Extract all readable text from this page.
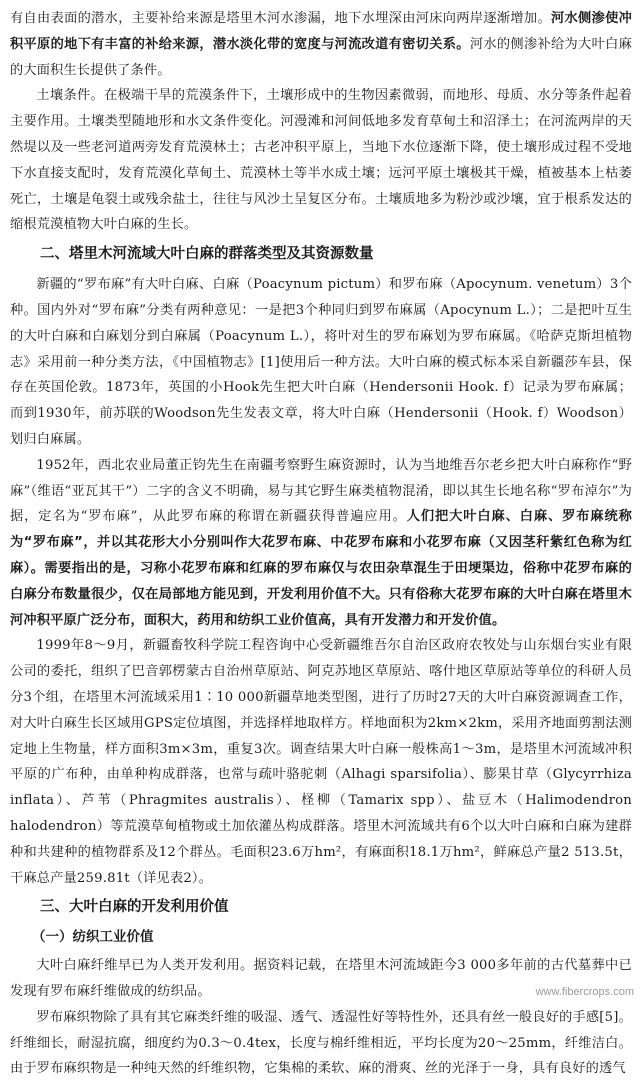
有自由表面的潜水，主要补给来源是塔里木河水渗漏，地下水埋深由河床向两岸逐渐增加。河水侧渗使冲积平原的地下有丰富的补给来源，潜水淡化带的宽度与河流改道有密切关系。河水的侧渗补给为大叶白麻的大面积生长提供了条件。

土壤条件。在极端干旱的荒漠条件下，土壤形成中的生物因素微弱，而地形、母质、水分等条件起着主要作用。土壤类型随地形和水文条件变化。河漫滩和河间低地多发育草甸土和沼泽土；在河流两岸的天然堤以及一些老河道两旁发育荒漠林土；古老冲积平原上，当地下水位逐渐下降，使土壤形成过程不受地下水直接支配时，发育荒漠化草甸土、荒漠林土等半水成土壤；远河平原土壤极其干燥，植被基本上枯萎死亡，土壤是龟裂土或残余盐土，往往与风沙土呈复区分布。土壤质地多为粉沙或沙壤，宜于根系发达的缩根荒漠植物大叶白麻的生长。

二、塔里木河流域大叶白麻的群落类型及其资源数量

新疆的“罗布麻”有大叶白麻、白麻（Poacynum pictum）和罗布麻（Apocynum. venetum）3个种。国内外对“罗布麻”分类有两种意见：一是把3个种同归到罗布麻属（Apocynum L.）；二是把叶互生的大叶白麻和白麻划分到白麻属（Poacynum L.），将叶对生的罗布麻划为罗布麻属。《哈萨克斯坦植物志》采用前一种分类方法，《中国植物志》[1]使用后一种方法。大叶白麻的模式标本采自新疆莎车县，保存在英国伦敦。1873年，英国的小Hook先生把大叶白麻（Hendersonii Hook. f）记录为罗布麻属；而到1930年，前苏联的Woodson先生发表文章，将大叶白麻（Hendersonii（Hook. f）Woodson）划归白麻属。

1952年，西北农业局董正钧先生在南疆考察野生麻资源时，认为当地维吾尔老乡把大叶白麻称作“野麻”（维语“亚瓦其干”）二字的含义不明确，易与其它野生麻类植物混淆，即以其生长地名称“罗布淖尔”为据，定名为“罗布麻”，从此罗布麻的称谓在新疆获得普遍应用。人们把大叶白麻、白麻、罗布麻统称为“罗布麻”，并以其花形大小分别叫作大花罗布麻、中花罗布麻和小花罗布麻（又因茎秆紫红色称为红麻）。需要指出的是，习称小花罗布麻和红麻的罗布麻仅与农田杂草混生于田埂渠边，俗称中花罗布麻的白麻分布数量很少，仅在局部地方能见到，开发利用价值不大。只有俗称大花罗布麻的大叶白麻在塔里木河冲积平原广泛分布，面积大，药用和纺织工业价值高，具有开发潜力和开发价值。

1999年8～9月，新疆畜牧科学院工程咨询中心受新疆维吾尔自治区政府农牧处与山东烟台实业有限公司的委托，组织了巴音郭楞蒙古自治州草原站、阿克苏地区草原站、喀什地区草原站等单位的科研人员分3个组，在塔里木河流域采用1∶10 000新疆草地类型图，进行了历时27天的大叶白麻资源调查工作，对大叶白麻生长区域用GPS定位填图，并选择样地取样方。样地面积为2km×2km，采用齐地面剪割法测定地上生物量，样方面积3m×3m，重复3次。调查结果大叶白麻一般株高1～3m，是塔里木河流域冲积平原的广布种，由单种构成群落，也常与疏叶骆驼刺（Alhagi sparsifolia）、膨果甘草（Glycyrrhiza inflata）、芦苇（Phragmites australis）、柽柳（Tamarix spp）、盐豆木（Halimodendron halodendron）等荒漠草甸植物或土加依灌丛构成群落。塔里木河流域共有6个以大叶白麻和白麻为建群种和共建种的植物群系及12个群丛。毛面积23.6万hm²，有麻面积18.1万hm²，鲜麻总产量2 513.5t，干麻总产量259.81t（详见表2）。

三、大叶白麻的开发利用价值
（一）纺织工业价值

大叶白麻纤维早已为人类开发利用。据资料记载，在塔里木河流域距今3 000多年前的古代墓葬中已发现有罗布麻纤维做成的纺织品。

罗布麻织物除了具有其它麻类纤维的吸湿、透气、透湿性好等特性外，还具有丝一般良好的手感[5]。纤维细长，耐湿抗腐，细度约为0.3～0.4tex，长度与棉纤维相近，平均长度为20～25mm，纤维洁白。由于罗布麻织物是一种纯天然的纤维织物，它集棉的柔软、麻的滑爽、丝的光泽于一身，具有良好的透气

www.fibercrops.com
